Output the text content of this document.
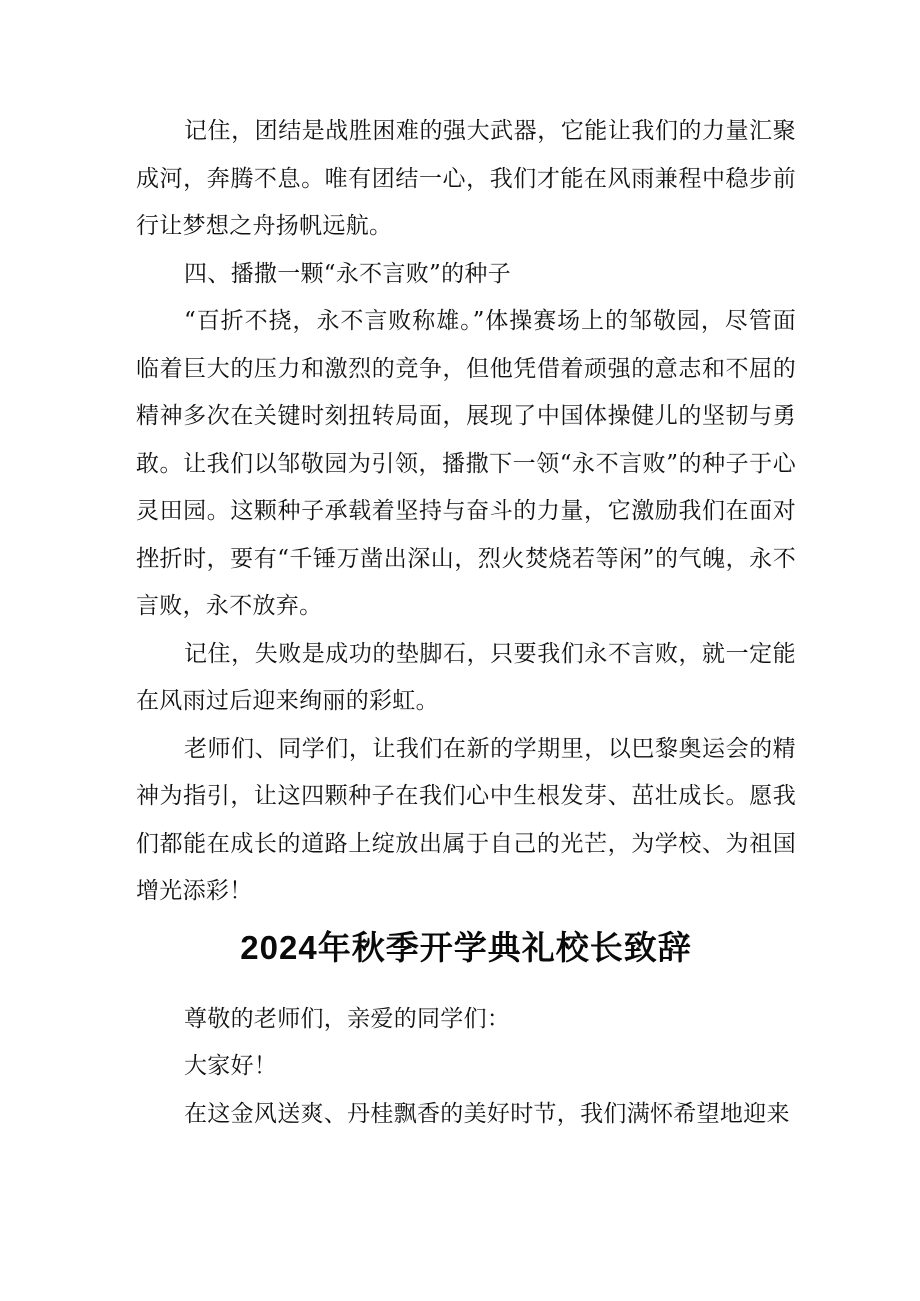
记住，团结是战胜困难的强大武器，它能让我们的力量汇聚成河，奔腾不息。唯有团结一心，我们才能在风雨兼程中稳步前行让梦想之舟扬帆远航。

四、播撒一颗“永不言败”的种子

“百折不挠，永不言败称雄。”体操赛场上的邹敬园，尽管面临着巨大的压力和激烈的竞争，但他凭借着顽强的意志和不屈的精神多次在关键时刻扭转局面，展现了中国体操健儿的坚韧与勇敢。让我们以邹敬园为引领，播撒下一领“永不言败”的种子于心灵田园。这颗种子承载着坚持与奋斗的力量，它激励我们在面对挫折时，要有“千锤万凿出深山，烈火焚烧若等闲”的气魄，永不言败，永不放弃。

记住，失败是成功的垫脚石，只要我们永不言败，就一定能在风雨过后迎来绚丽的彩虹。

老师们、同学们，让我们在新的学期里，以巴黎奥运会的精神为指引，让这四颗种子在我们心中生根发芽、茁壮成长。愿我们都能在成长的道路上绽放出属于自己的光芒，为学校、为祖国增光添彩！

2024年秋季开学典礼校长致辞

尊敬的老师们，亲爱的同学们：

大家好！

在这金风送爽、丹桂飘香的美好时节，我们满怀希望地迎来
